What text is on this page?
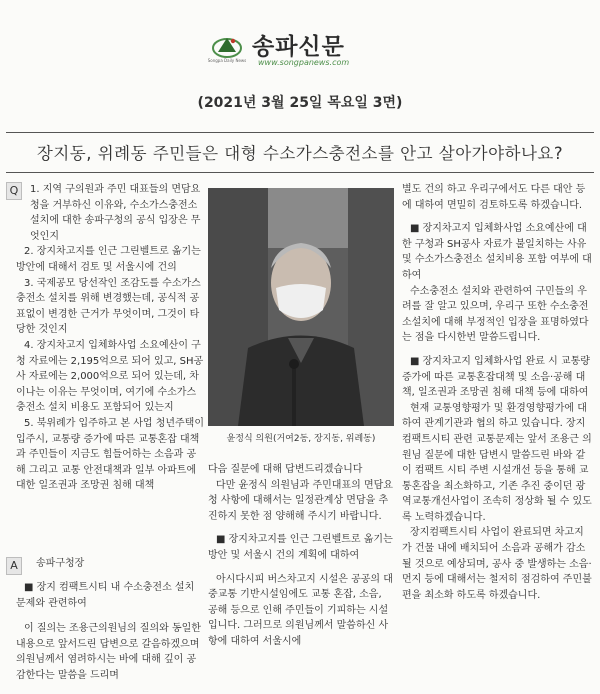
Songpa Daily News
송파신문
www.songpanews.com
(2021년 3월 25일 목요일 3면)
장지동, 위례동 주민들은 대형 수소가스충전소를 안고 살아가야하나요?
Q	1. 지역 구의원과 주민 대표들의 면담요청을 거부하신 이유와, 수소가스충전소 설치에 대한 송파구청의 공식 입장은 무엇인지

2. 장지차고지를 인근 그린벨트로 옮기는 방안에 대해서 검토 및 서울시에 건의

3. 국제공모 당선작인 조감도를 수소가스충전소 설치를 위해 변경했는데, 공식적 공표없이 변경한 근거가 무엇이며, 그것이 타당한 것인지

4. 장지차고지 입체화사업 소요예산이 구청 자료에는 2,195억으로 되어 있고, SH공사 자료에는 2,000억으로 되어 있는데, 차이나는 이유는 무엇이며, 여기에 수소가스충전소 설치 비용도 포함되어 있는지

5. 북위례가 입주하고 본 사업 청년주택이 입주시, 교통량 증가에 따른 교통혼잡 대책과 주민들이 지금도 힘들어하는 소음과 공해 그리고 교통 안전대책과 일부 아파트에 대한 일조권과 조망권 침해 대책

A	송파구청장

■ 장지 컴팩트시티 내 수소충전소 설치 문제와 관련하여

이 질의는 조용근의원님의 질의와 동일한 내용으로 앞서드린 답변으로 갈음하겠으며 의원님께서 염려하시는 바에 대해 깊이 공감한다는 말씀을 드리며

윤정식 의원(거여2동, 장지동, 위례동)

다음 질문에 대해 답변드리겠습니다

다만 윤정식 의원님과 주민대표의 면담요청 사항에 대해서는 일정관계상 면담을 추진하지 못한 점 양해해 주시기 바랍니다.

■ 장지차고지를 인근 그린벨트로 옮기는 방안 및 서울시 건의 계획에 대하여

아시다시피 버스차고지 시설은 공공의 대중교통 기반시설임에도 교통 혼잡, 소음, 공해 등으로 인해 주민들이 기피하는 시설입니다. 그러므로 의원님께서 말씀하신 사항에 대하여 서울시에

별도 건의 하고 우리구에서도 다른 대안 등에 대하여 면밀히 검토하도록 하겠습니다.

■ 장지차고지 입체화사업 소요예산에 대한 구청과 SH공사 자료가 불일치하는 사유 및 수소가스충전소 설치비용 포함 여부에 대하여

수소충전소 설치와 관련하여 구민들의 우려를 잘 알고 있으며, 우리구 또한 수소충전소설치에 대해 부정적인 입장을 표명하였다는 점을 다시한번 말씀드립니다.

■ 장지차고지 입체화사업 완료 시 교통량 증가에 따른 교통혼잡대책 및 소음·공해 대책, 일조권과 조망권 침해 대책 등에 대하여

현재 교통영향평가 및 환경영향평가에 대하여 관계기관과 협의 하고 있습니다. 장지컴팩트시티 관련 교통문제는 앞서 조용근 의원님 질문에 대한 답변시 말씀드린 바와 같이 컴팩트 시티 주변 시설개선 등을 통해 교통혼잡을 최소화하고, 기존 추진 중이던 광역교통개선사업이 조속히 정상화 될 수 있도록 노력하겠습니다.

장지컴팩트시티 사업이 완료되면 차고지가 건물 내에 배치되어 소음과 공해가 감소될 것으로 예상되며, 공사 중 발생하는 소음·먼지 등에 대해서는 철저히 점검하여 주민불편을 최소화 하도록 하겠습니다.
